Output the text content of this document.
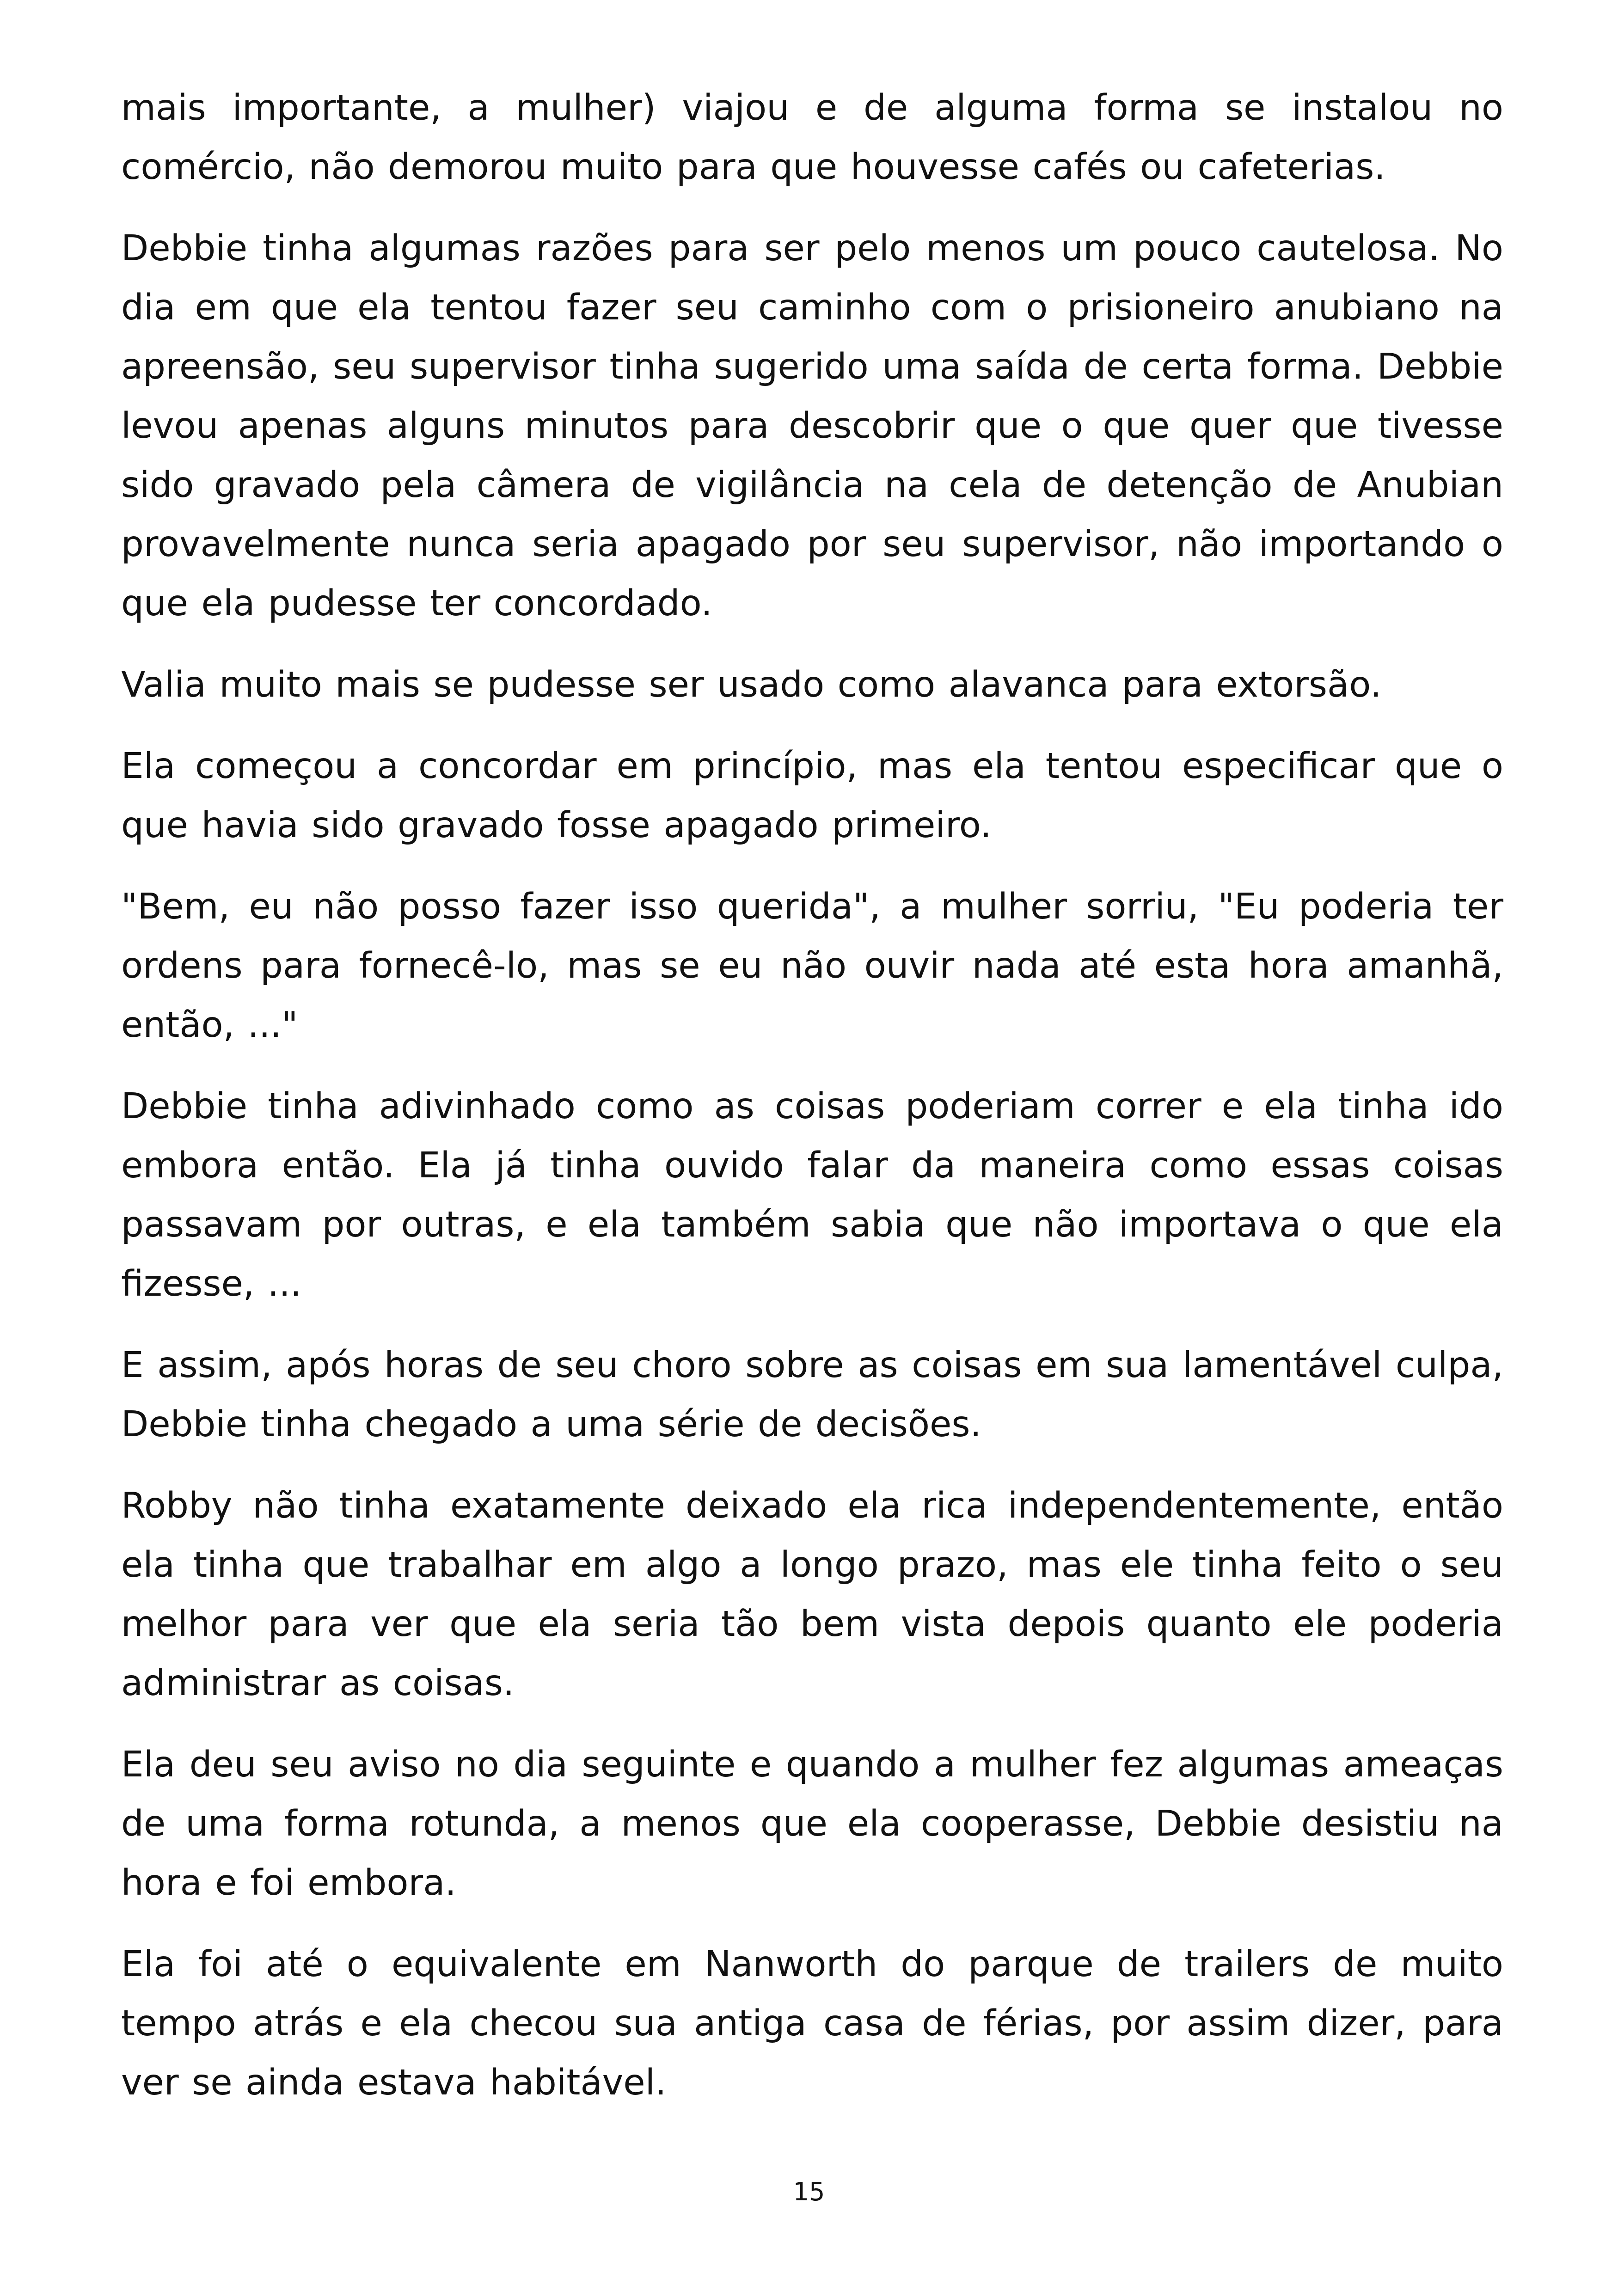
mais importante, a mulher) viajou e de alguma forma se instalou no comércio, não demorou muito para que houvesse cafés ou cafeterias.

Debbie tinha algumas razões para ser pelo menos um pouco cautelosa. No dia em que ela tentou fazer seu caminho com o prisioneiro anubiano na apreensão, seu supervisor tinha sugerido uma saída de certa forma. Debbie levou apenas alguns minutos para descobrir que o que quer que tivesse sido gravado pela câmera de vigilância na cela de detenção de Anubian provavelmente nunca seria apagado por seu supervisor, não importando o que ela pudesse ter concordado.

Valia muito mais se pudesse ser usado como alavanca para extorsão.

Ela começou a concordar em princípio, mas ela tentou especificar que o que havia sido gravado fosse apagado primeiro.

"Bem, eu não posso fazer isso querida", a mulher sorriu, "Eu poderia ter ordens para fornecê-lo, mas se eu não ouvir nada até esta hora amanhã, então, ..."

Debbie tinha adivinhado como as coisas poderiam correr e ela tinha ido embora então. Ela já tinha ouvido falar da maneira como essas coisas passavam por outras, e ela também sabia que não importava o que ela fizesse, ...

E assim, após horas de seu choro sobre as coisas em sua lamentável culpa, Debbie tinha chegado a uma série de decisões.

Robby não tinha exatamente deixado ela rica independentemente, então ela tinha que trabalhar em algo a longo prazo, mas ele tinha feito o seu melhor para ver que ela seria tão bem vista depois quanto ele poderia administrar as coisas.

Ela deu seu aviso no dia seguinte e quando a mulher fez algumas ameaças de uma forma rotunda, a menos que ela cooperasse, Debbie desistiu na hora e foi embora.

Ela foi até o equivalente em Nanworth do parque de trailers de muito tempo atrás e ela checou sua antiga casa de férias, por assim dizer, para ver se ainda estava habitável.

15
